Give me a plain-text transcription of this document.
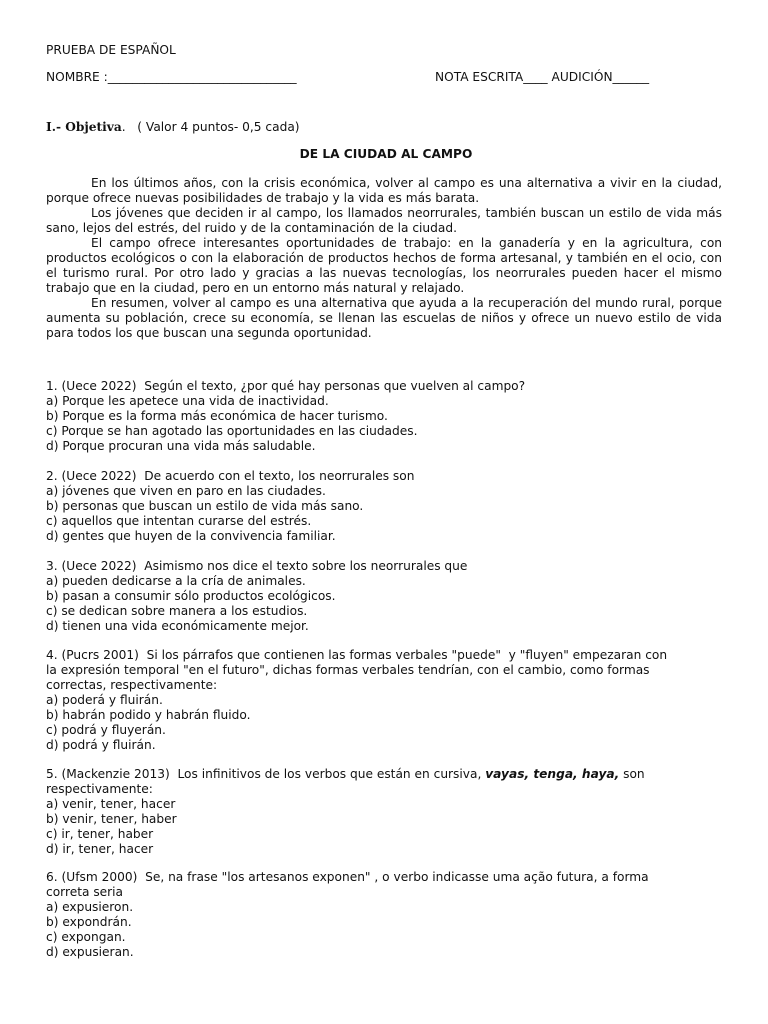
PRUEBA DE ESPAÑOL
NOMBRE :_______________________________	NOTA ESCRITA____ AUDICIÓN______
I.- Objetiva. ( Valor 4 puntos- 0,5 cada)
DE LA CIUDAD AL CAMPO
En los últimos años, con la crisis económica, volver al campo es una alternativa a vivir en la ciudad, porque ofrece nuevas posibilidades de trabajo y la vida es más barata.
Los jóvenes que deciden ir al campo, los llamados neorrurales, también buscan un estilo de vida más sano, lejos del estrés, del ruido y de la contaminación de la ciudad.
El campo ofrece interesantes oportunidades de trabajo: en la ganadería y en la agricultura, con productos ecológicos o con la elaboración de productos hechos de forma artesanal, y también en el ocio, con el turismo rural. Por otro lado y gracias a las nuevas tecnologías, los neorrurales pueden hacer el mismo trabajo que en la ciudad, pero en un entorno más natural y relajado.
En resumen, volver al campo es una alternativa que ayuda a la recuperación del mundo rural, porque aumenta su población, crece su economía, se llenan las escuelas de niños y ofrece un nuevo estilo de vida para todos los que buscan una segunda oportunidad.
1. (Uece 2022)  Según el texto, ¿por qué hay personas que vuelven al campo?
a) Porque les apetece una vida de inactividad.
b) Porque es la forma más económica de hacer turismo.
c) Porque se han agotado las oportunidades en las ciudades.
d) Porque procuran una vida más saludable.
2. (Uece 2022)  De acuerdo con el texto, los neorrurales son
a) jóvenes que viven en paro en las ciudades.
b) personas que buscan un estilo de vida más sano.
c) aquellos que intentan curarse del estrés.
d) gentes que huyen de la convivencia familiar.
3. (Uece 2022)  Asimismo nos dice el texto sobre los neorrurales que
a) pueden dedicarse a la cría de animales.
b) pasan a consumir sólo productos ecológicos.
c) se dedican sobre manera a los estudios.
d) tienen una vida económicamente mejor.
4. (Pucrs 2001)  Si los párrafos que contienen las formas verbales "puede"  y "fluyen" empezaran con
la expresión temporal "en el futuro", dichas formas verbales tendrían, con el cambio, como formas
correctas, respectivamente:
a) poderá y fluirán.
b) habrán podido y habrán fluido.
c) podrá y fluyerán.
d) podrá y fluirán.
5. (Mackenzie 2013)  Los infinitivos de los verbos que están en cursiva, vayas, tenga, haya, son
respectivamente:
a) venir, tener, hacer
b) venir, tener, haber
c) ir, tener, haber
d) ir, tener, hacer
6. (Ufsm 2000)  Se, na frase "los artesanos exponen" , o verbo indicasse uma ação futura, a forma
correta seria
a) expusieron.
b) expondrán.
c) expongan.
d) expusieran.
